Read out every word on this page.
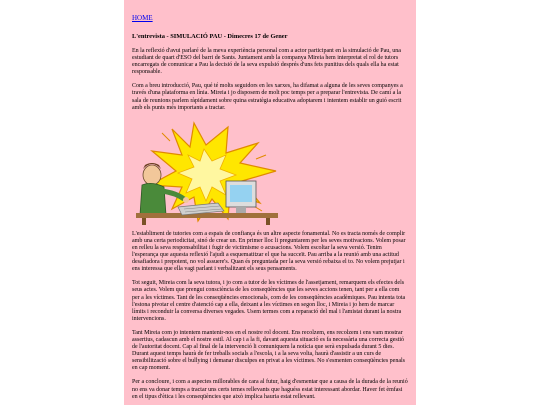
HOME
L'entrevista - SIMULACIÓ PAU - Dimecres 17 de Gener

En la reflexió d'avui parlaré de la meva experiència personal com a actor participant en la simulació de Pau, una estudiant de quart d'ESO del barri de Sants. Juntament amb la companya Mireia hem interpretat el rol de tutors encarregats de comunicar a Pau la decisió de la seva expulsió després d'uns fets punitius dels quals ella ha estat responsable.

Com a breu introducció, Pau, qué té molts seguidors en les xarxes, ha difamat a alguna de les seves companyes a través d'una plataforma en línia. Mireia i jo disposem de molt poc temps per a preparar l'entrevista. De camí a la sala de reunions parlem ràpidament sobre quina estratègia educativa adoptarem i intentem establir un guió escrit amb els punts més importants a tractar.

L'establiment de tutories com a espais de confiança és un altre aspecte fonamental. No es tracta només de complir amb una certa periodicitat, sinó de crear un. En primer lloc li preguntarem per les seves motivacions. Volem posar en relleu la seva responsabilitat i fugir de victimisme o acusacions. Volem escoltar la seva versió. Tenim l'esperança que aquesta reflexió l'ajudi a esquematitzar el que ha succeït. Pau arriba a la reunió amb una actitud desafiadora i prepotent, no vol assuere's. Quan és preguntada per la seva versió rebaixa el to. No volem prejutjar i ens interessa que ella vagi parlant i verbalitzant els seus pensaments.

Tot seguit, Mireia com la seva tutora, i jo com a tutor de les víctimes de l'assetjament, remarquem els efectes dels seus actes. Volem que prengui consciència de les conseqüències que les seves accions tenen, tant per a ella com per a les víctimes. Tant de les conseqüències emocionals, com de les conseqüències acadèmiques. Pau intenta tota l'estona pivotar el centre d'atenció cap a ella, deixant a les víctimes en segon lloc, i Mireia i jo hem de marcar límits i reconduir la conversa diverses vegades. Usem termes com a reparació del mal i l'amistat durant la nostra intervencions.

Tant Mireia com jo intentem mantenir-nos en el nostre rol docent. Ens recolzem, ens recolzem i ens vam mostrar assertius, cadascun amb el nostre estil. Al cap i a la fi, davant aquesta situació es fa necessària una correcta gestió de l'autoritat docent. Cap al final de la intervenció li comuniquem la notícia que serà expulsada durant 5 dies. Durant aquest temps haurà de fer treballs socials a l'escola, i a la seva volta, haurà d'assistir a un curs de sensibilització sobre el bullying i demanar disculpes en privat a les víctimes. No s'esmenten conseqüències penals en cap moment.

Per a concloure, i com a aspectes millorables de cara al futur, haig d'esmentar que a causa de la durada de la reunió no ens va donar temps a tractar uns certs temes rellevants que haguéss estat interessant abordar. Haver fet èmfasi en el tipus d'ètica i les conseqüències que això implica hauria estat rellevant.
